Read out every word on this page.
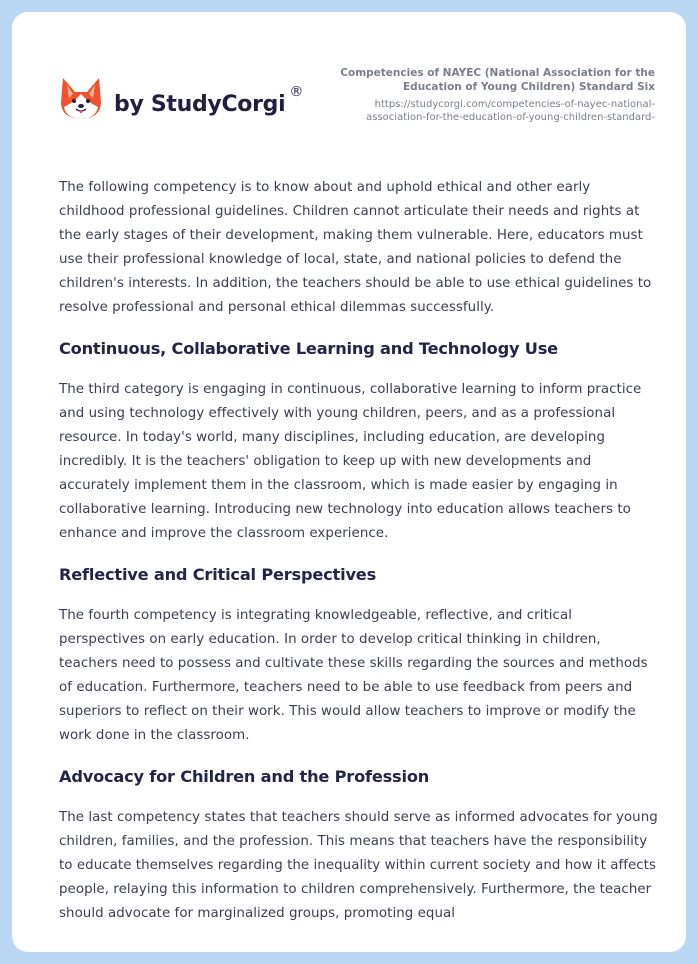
by StudyCorgi ®
Competencies of NAYEC (National Association for the Education of Young Children) Standard Six
https://studycorgi.com/competencies-of-nayec-national-association-for-the-education-of-young-children-standard-

The following competency is to know about and uphold ethical and other early childhood professional guidelines. Children cannot articulate their needs and rights at the early stages of their development, making them vulnerable. Here, educators must use their professional knowledge of local, state, and national policies to defend the children's interests. In addition, the teachers should be able to use ethical guidelines to resolve professional and personal ethical dilemmas successfully.

Continuous, Collaborative Learning and Technology Use

The third category is engaging in continuous, collaborative learning to inform practice and using technology effectively with young children, peers, and as a professional resource. In today's world, many disciplines, including education, are developing incredibly. It is the teachers' obligation to keep up with new developments and accurately implement them in the classroom, which is made easier by engaging in collaborative learning. Introducing new technology into education allows teachers to enhance and improve the classroom experience.

Reflective and Critical Perspectives

The fourth competency is integrating knowledgeable, reflective, and critical perspectives on early education. In order to develop critical thinking in children, teachers need to possess and cultivate these skills regarding the sources and methods of education. Furthermore, teachers need to be able to use feedback from peers and superiors to reflect on their work. This would allow teachers to improve or modify the work done in the classroom.

Advocacy for Children and the Profession

The last competency states that teachers should serve as informed advocates for young children, families, and the profession. This means that teachers have the responsibility to educate themselves regarding the inequality within current society and how it affects people, relaying this information to children comprehensively. Furthermore, the teacher should advocate for marginalized groups, promoting equal
